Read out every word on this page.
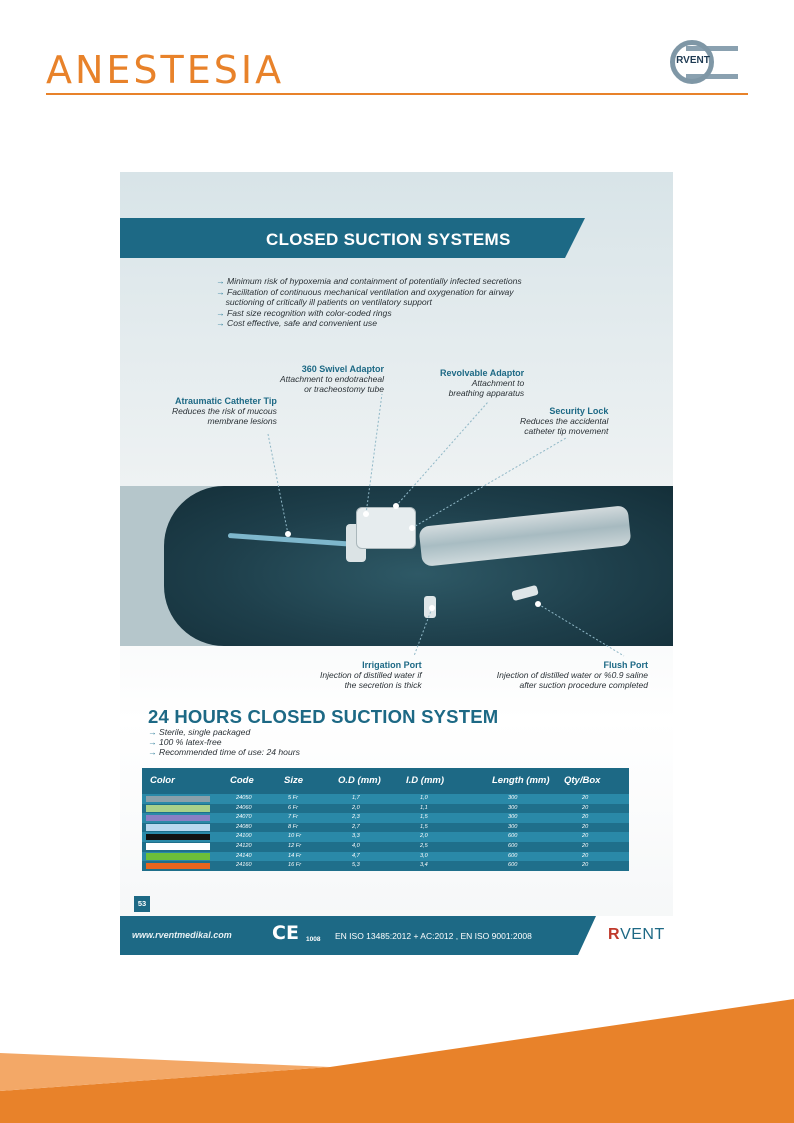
ANESTESIA	RVENT
CLOSED SUCTION SYSTEMS
→ Minimum risk of hypoxemia and containment of potentially infected secretions
→ Facilitation of continuous mechanical ventilation and oxygenation for airway
suctioning of critically ill patients on ventilatory support
→ Fast size recognition with color-coded rings
→ Cost effective, safe and convenient use
360 Swivel Adaptor
Attachment to endotracheal
or tracheostomy tube
Revolvable Adaptor
Attachment to
breathing apparatus
Atraumatic Catheter Tip
Reduces the risk of mucous
membrane lesions
Security Lock
Reduces the accidental
catheter tip movement
Irrigation Port
Injection of distilled water if
the secretion is thick
Flush Port
Injection of distilled water or %0.9 saline
after suction procedure completed
24 HOURS CLOSED SUCTION SYSTEM
→ Sterile, single packaged
→ 100 % latex-free
→ Recommended time of use: 24 hours
Color	Code	Size	O.D (mm)	I.D (mm)	Length (mm) Qty/Box
24050	5 Fr	1,7	1,0	300	20
24060	6 Fr	2,0	1,1	300	20
24070	7 Fr	2,3	1,5	300	20
24080	8 Fr	2,7	1,5	300	20
24100	10 Fr	3,3	2,0	600	20
24120	12 Fr	4,0	2,5	600	20
24140	14 Fr	4,7	3,0	600	20
24160	16 Fr	5,3	3,4	600	20
53
www.rventmedikal.com CE 1008 EN ISO 13485:2012 + AC:2012 , EN ISO 9001:2008	RVENT
